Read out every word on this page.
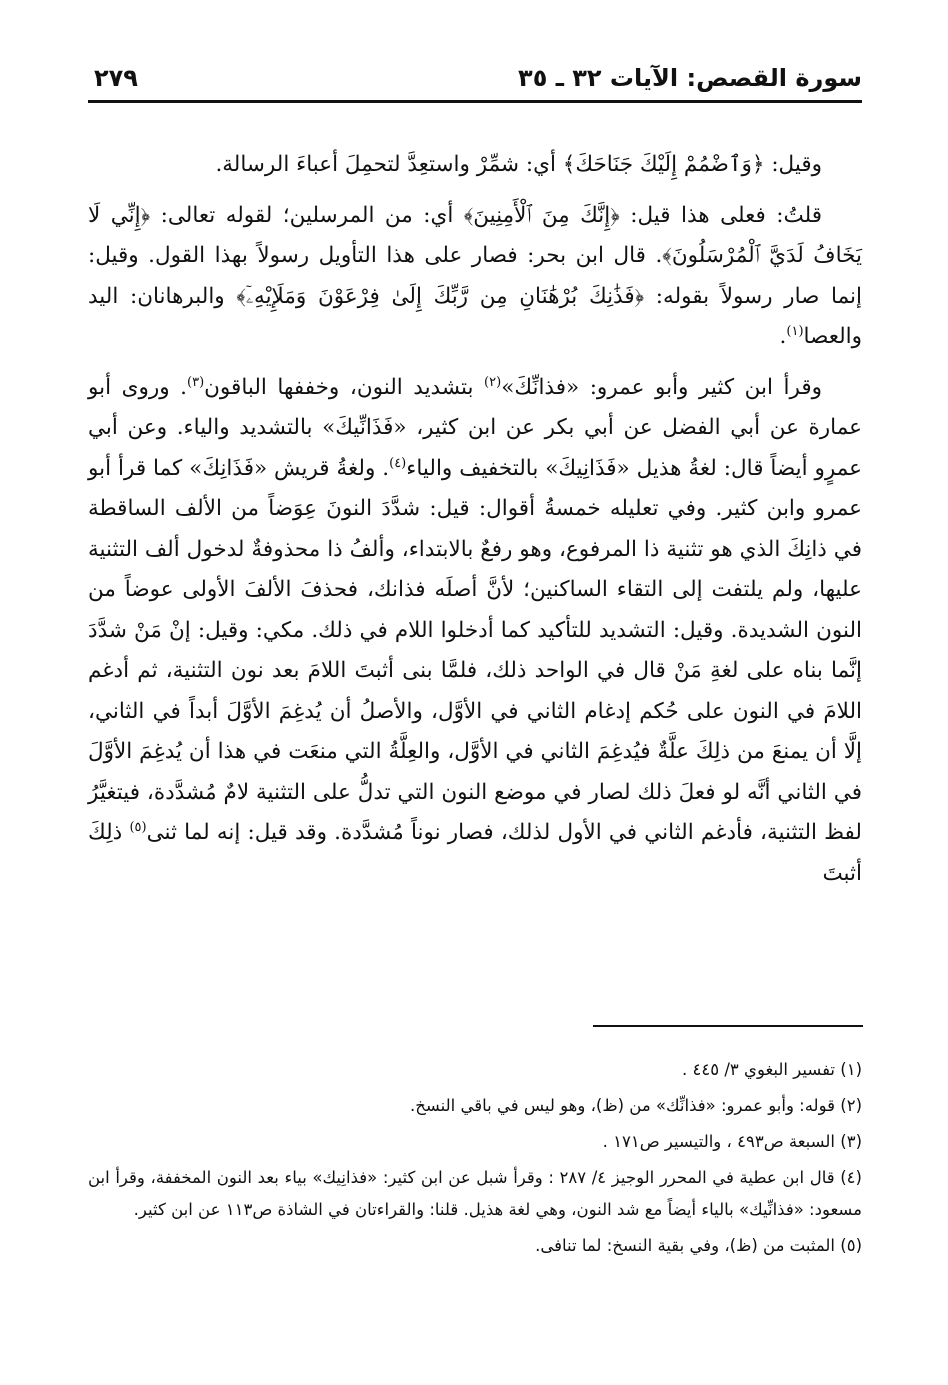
سورة القصص: الآيات ٣٢ ـ ٣٥
٢٧٩

وقيل: ﴿وَٱضْمُمْ إِلَيْكَ جَنَاحَكَ﴾ أي: شمِّرْ واستعِدَّ لتحمِلَ أعباءَ الرسالة.

قلتُ: فعلى هذا قيل: ﴿إِنَّكَ مِنَ ٱلْأَمِنِينَ﴾ أي: من المرسلين؛ لقوله تعالى: ﴿إِنِّي لَا يَخَافُ لَدَيَّ ٱلْمُرْسَلُونَ﴾. قال ابن بحر: فصار على هذا التأويل رسولاً بهذا القول. وقيل: إنما صار رسولاً بقوله: ﴿فَذَٰنِكَ بُرْهَٰنَانِ مِن رَّبِّكَ إِلَىٰ فِرْعَوْنَ وَمَلَإِيْهِۦٓ﴾ والبرهانان: اليد والعصا$^{(١)}$.

وقرأ ابن كثير وأبو عمرو: «فذانِّكَ»$^{(٢)}$ بتشديد النون، وخففها الباقون$^{(٣)}$. وروى أبو عمارة عن أبي الفضل عن أبي بكر عن ابن كثير، «فَذَانِّيكَ» بالتشديد والياء. وعن أبي عمرٍو أيضاً قال: لغةُ هذيل «فَذَانِيكَ» بالتخفيف والياء$^{(٤)}$. ولغةُ قريش «فَذَانِكَ» كما قرأ أبو عمرو وابن كثير. وفي تعليله خمسةُ أقوال: قيل: شدَّدَ النونَ عِوَضاً من الألف الساقطة في ذانِكَ الذي هو تثنية ذا المرفوع، وهو رفعٌ بالابتداء، وألفُ ذا محذوفةٌ لدخول ألف التثنية عليها، ولم يلتفت إلى التقاء الساكنين؛ لأنَّ أصلَه فذانك، فحذفَ الألفَ الأولى عوضاً من النون الشديدة. وقيل: التشديد للتأكيد كما أدخلوا اللام في ذلك. مكي: وقيل: إنْ مَنْ شدَّدَ إنَّما بناه على لغةِ مَنْ قال في الواحد ذلك، فلمَّا بنى أثبتَ اللامَ بعد نون التثنية، ثم أدغم اللامَ في النون على حُكم إدغام الثاني في الأوَّل، والأصلُ أن يُدغِمَ الأوَّلَ أبداً في الثاني، إلَّا أن يمنعَ من ذلِكَ علَّةٌ فيُدغِمَ الثاني في الأوَّل، والعِلَّةُ التي منعَت في هذا أن يُدغِمَ الأوَّلَ في الثاني أنَّه لو فعلَ ذلك لصار في موضع النون التي تدلُّ على التثنية لامٌ مُشدَّدة، فيتغيَّرُ لفظ التثنية، فأدغم الثاني في الأول لذلك، فصار نوناً مُشدَّدة. وقد قيل: إنه لما ثنى$^{(٥)}$ ذلِكَ أثبتَ

(١) تفسير البغوي ٣/ ٤٤٥ .

(٢) قوله: وأبو عمرو: «فذانِّك» من (ظ)، وهو ليس في باقي النسخ.

(٣) السبعة ص٤٩٣ ، والتيسير ص١٧١ .

(٤) قال ابن عطية في المحرر الوجيز ٤/ ٢٨٧ : وقرأ شبل عن ابن كثير: «فذانِيك» بياء بعد النون المخففة، وقرأ ابن مسعود: «فذانِّيك» بالياء أيضاً مع شد النون، وهي لغة هذيل. قلنا: والقراءتان في الشاذة ص١١٣ عن ابن كثير.

(٥) المثبت من (ظ)، وفي بقية النسخ: لما تنافى.
